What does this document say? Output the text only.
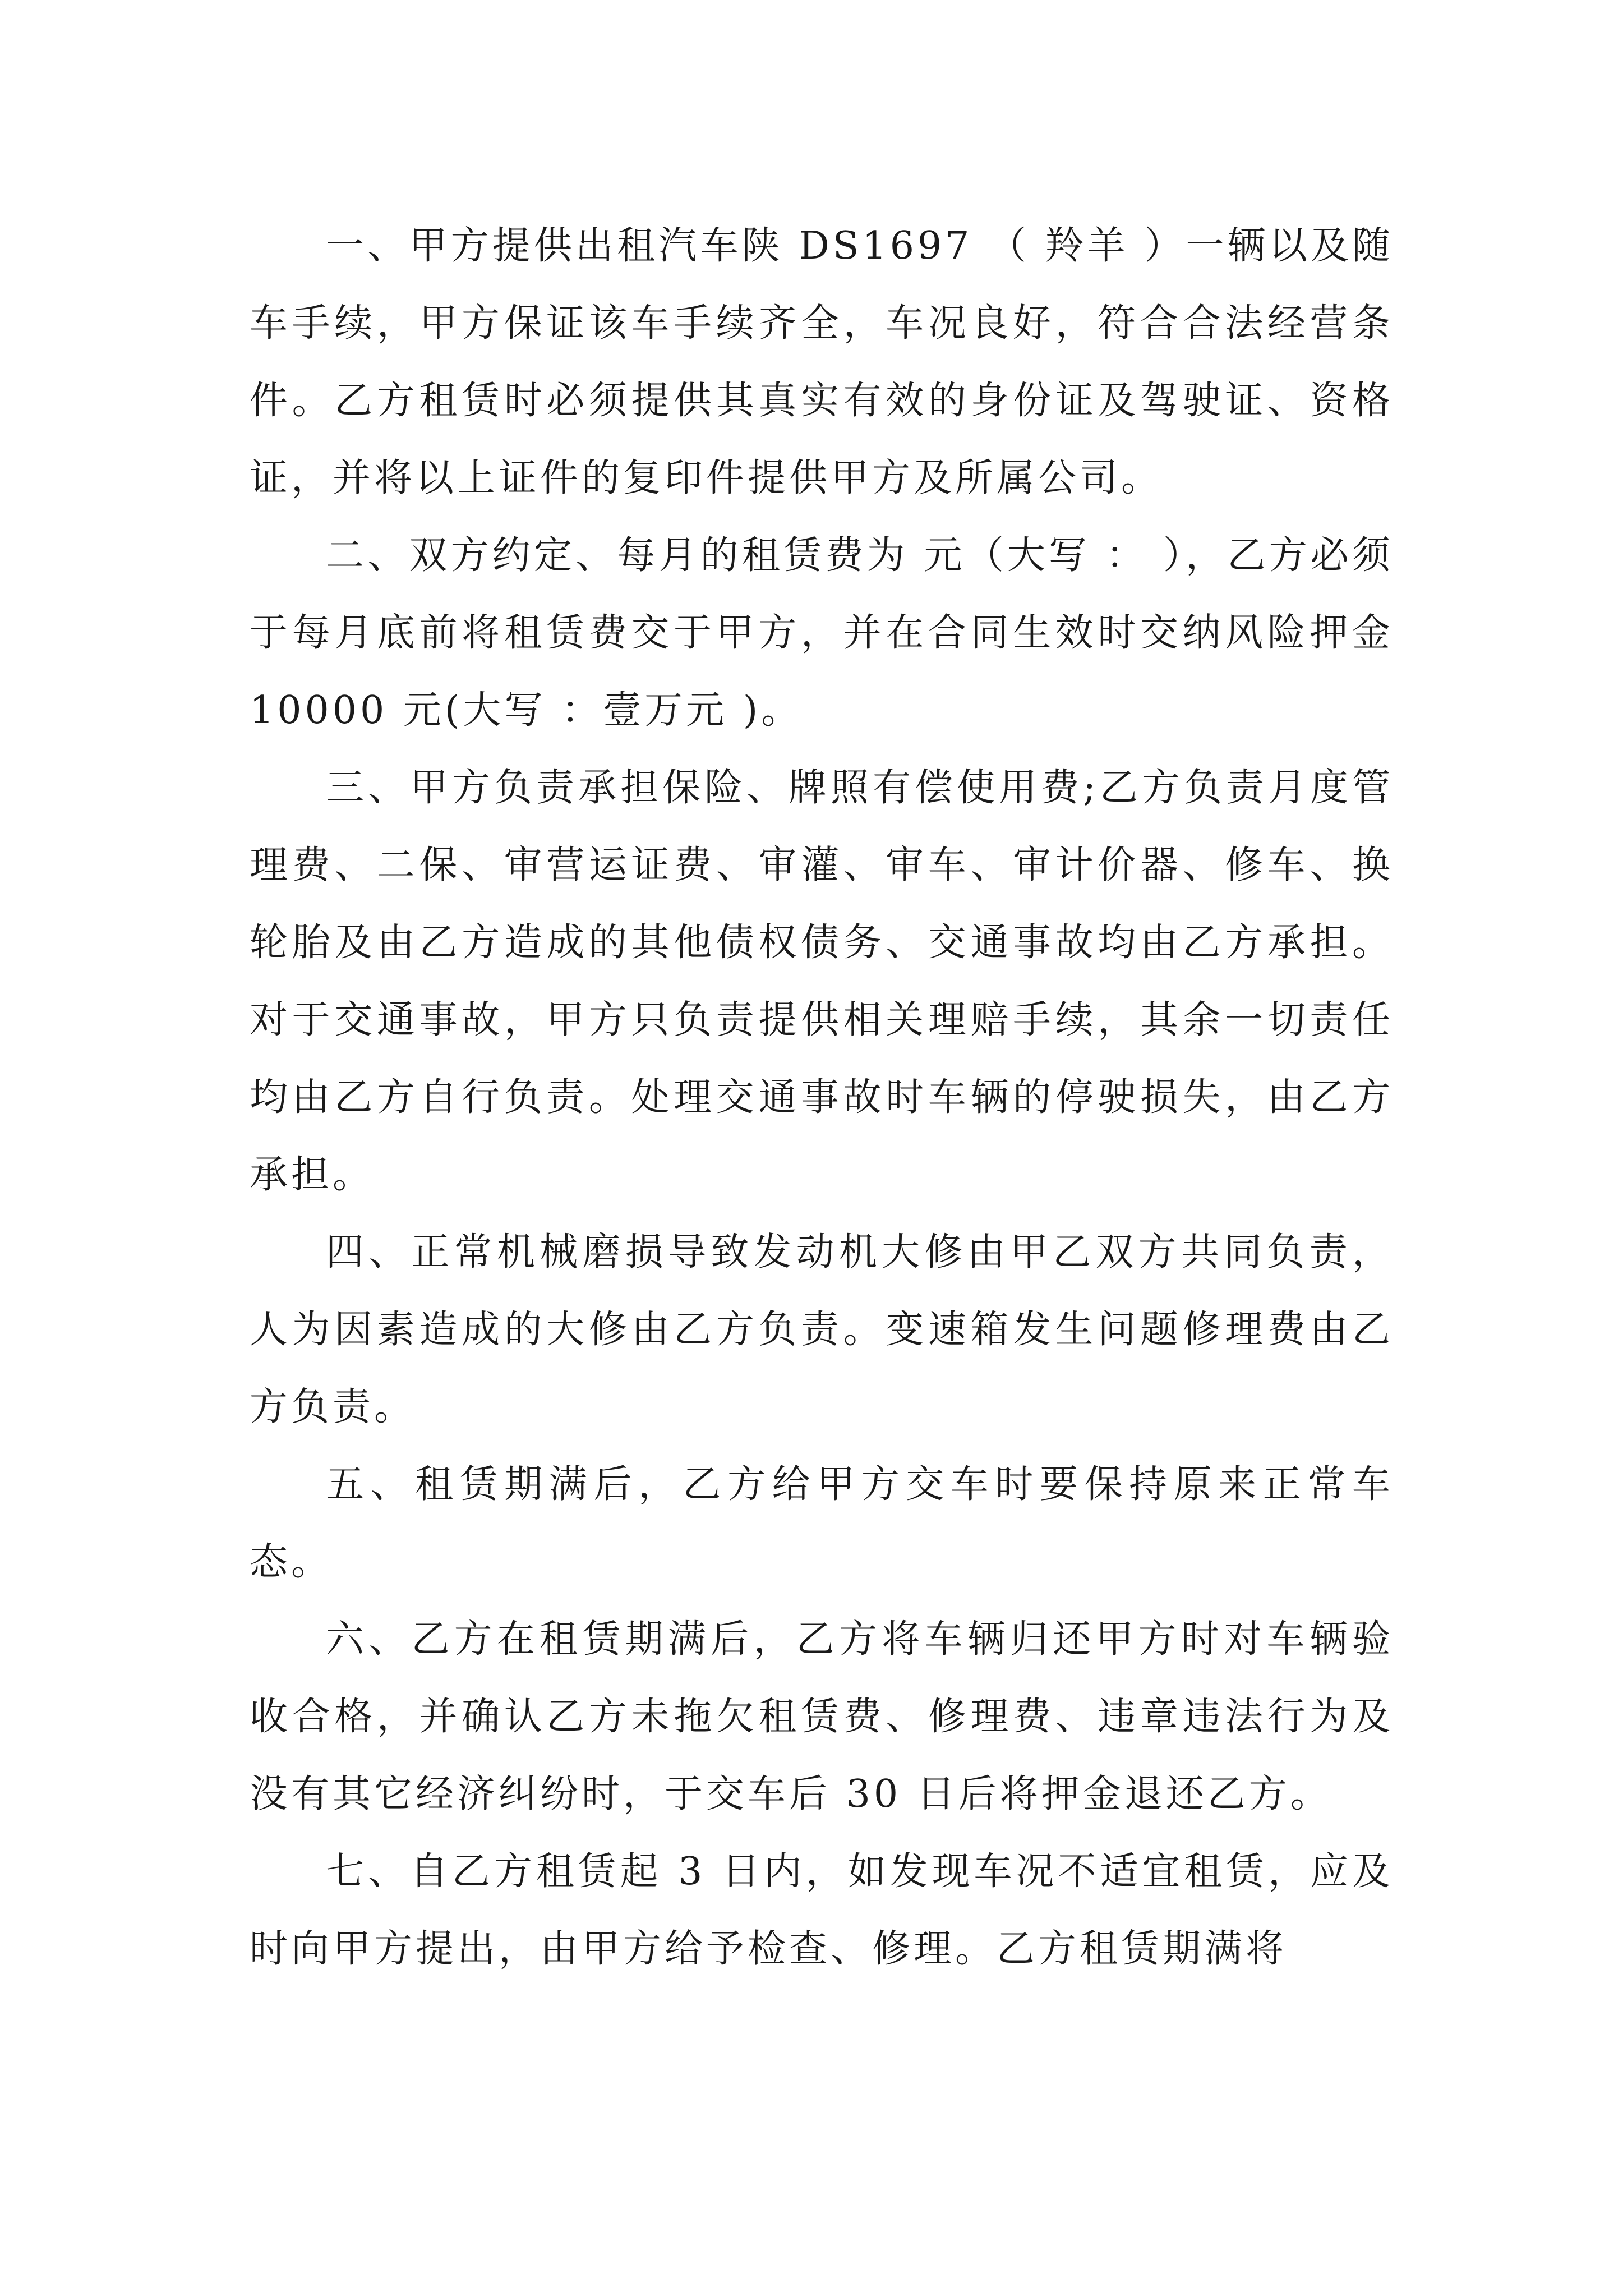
一、甲方提供出租汽车陕 DS1697 （ 羚羊 ）一辆以及随车手续，甲方保证该车手续齐全，车况良好，符合合法经营条件。乙方租赁时必须提供其真实有效的身份证及驾驶证、资格证，并将以上证件的复印件提供甲方及所属公司。

二、双方约定、每月的租赁费为 元（大写 ： ），乙方必须于每月底前将租赁费交于甲方，并在合同生效时交纳风险押金 10000 元(大写 ：壹万元 )。

三、甲方负责承担保险、牌照有偿使用费;乙方负责月度管理费、二保、审营运证费、审灌、审车、审计价器、修车、换轮胎及由乙方造成的其他债权债务、交通事故均由乙方承担。对于交通事故，甲方只负责提供相关理赔手续，其余一切责任均由乙方自行负责。处理交通事故时车辆的停驶损失，由乙方承担。

四、正常机械磨损导致发动机大修由甲乙双方共同负责，人为因素造成的大修由乙方负责。变速箱发生问题修理费由乙方负责。

五、租赁期满后，乙方给甲方交车时要保持原来正常车态。

六、乙方在租赁期满后，乙方将车辆归还甲方时对车辆验收合格，并确认乙方未拖欠租赁费、修理费、违章违法行为及没有其它经济纠纷时，于交车后 30 日后将押金退还乙方。

七、自乙方租赁起 3 日内，如发现车况不适宜租赁，应及时向甲方提出，由甲方给予检查、修理。乙方租赁期满将
